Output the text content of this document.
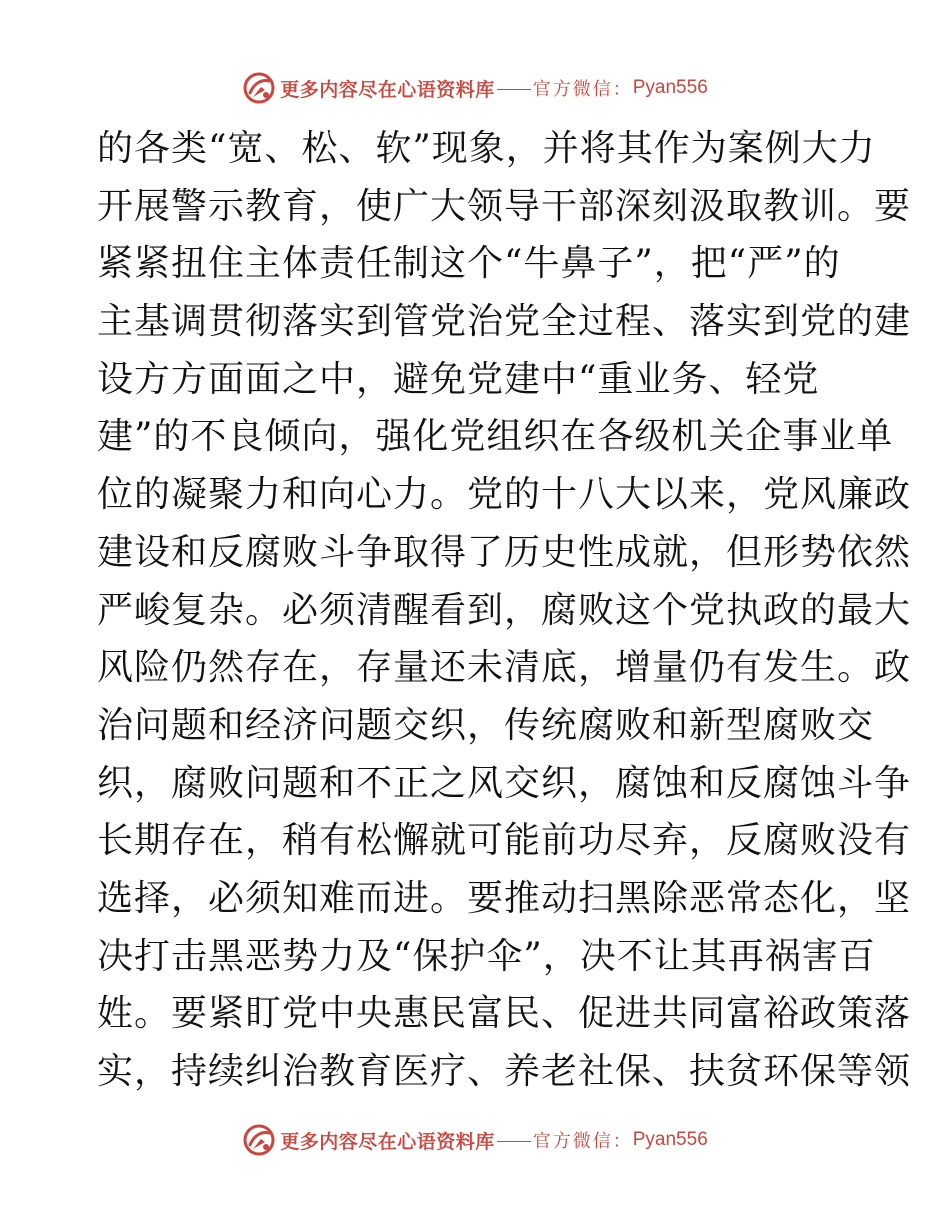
更多内容尽在心语资料库 官方微信： Pyan556
的各类“宽、松、软”现象，并将其作为案例大力
开展警示教育，使广大领导干部深刻汲取教训。要
紧紧扭住主体责任制这个“牛鼻子”，把“严”的
主基调贯彻落实到管党治党全过程、落实到党的建
设方方面面之中，避免党建中“重业务、轻党
建”的不良倾向，强化党组织在各级机关企事业单
位的凝聚力和向心力。党的十八大以来，党风廉政
建设和反腐败斗争取得了历史性成就，但形势依然
严峻复杂。必须清醒看到，腐败这个党执政的最大
风险仍然存在，存量还未清底，增量仍有发生。政
治问题和经济问题交织，传统腐败和新型腐败交
织，腐败问题和不正之风交织，腐蚀和反腐蚀斗争
长期存在，稍有松懈就可能前功尽弃，反腐败没有
选择，必须知难而进。要推动扫黑除恶常态化，坚
决打击黑恶势力及“保护伞”，决不让其再祸害百
姓。要紧盯党中央惠民富民、促进共同富裕政策落
实，持续纠治教育医疗、养老社保、扶贫环保等领
更多内容尽在心语资料库 官方微信： Pyan556
